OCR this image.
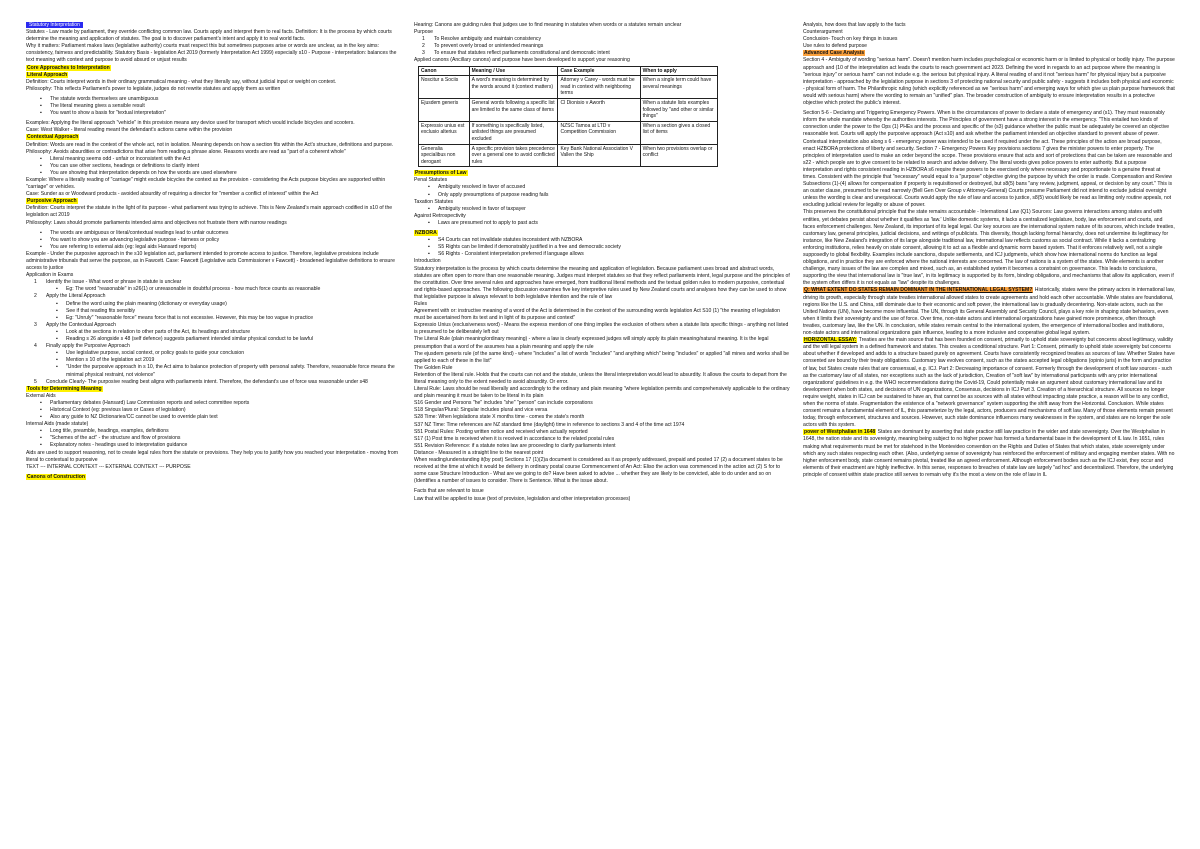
Statutory Interpretation

Statutes - Law made by parliament, they override conflicting common law. Courts apply and interpret them to real facts. Definition: It is the process by which courts determine the meaning and application of statutes. The goal is to discover parliament's intent and apply it to real world facts.

Why it matters: Parliament makes laws (legislative authority) courts must respect this but sometimes purposes arise or words are unclear, as in the key aims: consistency, fairness and predictability. Statutory Basis - legislation Act 2019 (formerly Interpretation Act 1999) especially s10 - Purpose - interpretation: balances the text meaning with context and purpose to avoid absurd or unjust results

Core Approaches to Interpretation

Literal Approach

Definition: Courts interpret words in their ordinary grammatical meaning - what they literally say, without judicial input or weight on context.

Philosophy: This reflects Parliament's power to legislate, judges do not rewrite statutes and apply them as written

▪ The statute words themselves are unambiguous

▪ The literal meaning gives a sensible result

▪ You want to show a basis for "textual interpretation"

Examples: Applying the literal approach "vehicle" in this provision means any device used for transport which would include bicycles and scooters.

Case: West Walker - literal reading meant the defendant's actions came within the provision

Contextual Approach

Definition: Words are read in the context of the whole act, not in isolation. Meaning depends on how a section fits within the Act's structure, definitions and purpose.

Philosophy: Avoids absurdities or contradictions that arise from reading a phrase alone. Reasons words are read as "part of a coherent whole"

▪ Literal meaning seems odd - unfair or inconsistent with the Act

▪ You can use other sections, headings or definitions to clarify intent

▪ You are showing that interpretation depends on how the words are used elsewhere

Example: Where a literally reading of "carriage" might exclude bicycles the context as the provision - considering the Acts purpose bicycles are supported within "carriage" or vehicles.

Case: Sunder as or Woodward products - avoided absurdity of requiring a director for "member a conflict of interest" within the Act

Purposive Approach

Definition: Courts interpret the statute in the light of its purpose - what parliament was trying to achieve. This is New Zealand's main approach codified in s10 of the legislation act 2019

Philosophy: Laws should promote parliaments intended aims and objectives not frustrate them with narrow readings

▪ The words are ambiguous or literal/contextual readings lead to unfair outcomes

▪ You want to show you are advancing legislative purpose - fairness or policy

▪ You are referring to external aids (eg: legal aids Hansard reports)

Example - Under the purposive approach in the s10 legislation act, parliament intended to promote access to justice. Therefore, legislative provisions include administrative tribunals that serve the purpose, as in Fawcett. Case: Fawcett (Legislative acts Commissioner v Fawcett) - broadened legislative definitions to ensure access to justice

Application in Exams

1 Identify the issue - What word or phrase in statute is unclear

▪ Eg: The word "reasonable" in s26(1) or unreasonable in doubtful process - how much force counts as reasonable

2 Apply the Literal Approach

▪ Define the word using the plain meaning (dictionary or everyday usage)

▪ See if that reading fits sensibly

▪ Eg: "Unruly" "reasonable force" means force that is not excessive. However, this may be too vague in practice

3 Apply the Contextual Approach

▪ Look at the sections in relation to other parts of the Act, its headings and structure

▪ Reading s 26 alongside s 48 (self defence) suggests parliament intended similar physical conduct to be lawful

4 Finally apply the Purposive Approach

▪ Use legislative purpose, social context, or policy goals to guide your conclusion

▪ Mention s 10 of the legislation act 2019

▪ "Under the purposive approach in s 10, the Act aims to balance protection of property with personal safety. Therefore, reasonable force means the minimal physical restraint, not violence"

5 Conclude Clearly- The purposive reading best aligns with parliaments intent. Therefore, the defendant's use of force was reasonable under s48

Tools for Determining Meaning

External Aids

▪ Parliamentary debates (Hansard) Law Commission reports and select committee reports

▪ Historical Context (eg: previous laws or Cases of legislation)

▪ Also any guide to NZ Dictionaries/CC cannot be used to override plain text

Internal Aids (made statute)

▪ Long title, preamble, headings, examples, definitions

▪ "Schemes of the act" - the structure and flow of provisions

▪ Explanatory notes - headings used to interpretation guidance

Aids are used to support reasoning, not to create legal rules from the statute or provisions. They help you to justify how you reached your interpretation - moving from literal to contextual to purposive

TEXT --- INTERNAL CONTEXT --- EXTERNAL CONTEXT --- PURPOSE

Canons of Construction

Hearing: Canons are guiding rules that judges use to find meaning in statutes when words or a statutes remain unclear

Purpose

1 To Resolve ambiguity and maintain consistency

2 To prevent overly broad or unintended meanings

3 To ensure that statutes reflect parliaments constitutional and democratic intent

Applied canons (Ancillary canons) and purpose have been developed to support your reasoning

Canon	Meaning / Use	Case Example	When to apply
Noscitur a Sociis	A word's meaning is determined by the words around it (context matters)	Attorney v Carey - words must be read in context with neighboring terms	When a single term could have several meanings
Ejusdem generis	General words following a specific list are limited to the same class of items	Cl Dionisio v Aworth	When a statute lists examples followed by "and other or similar things"
Expressio unius est exclusio alterius	If something is specifically listed, unlisted things are presumed excluded	NZSC Tamoa at LTD v Competition Commission	When a section gives a closed list of items
Generalia specialibus non derogant	A specific provision takes precedence over a general one to avoid conflicted rules	Key Bank National Association V Vallen the Ship	When two provisions overlap or conflict

Presumptions of Law

Penal Statutes

▪ Ambiguity resolved in favor of accused

▪ Only apply presumptions of purpose reading fails

Taxation Statutes

▪ Ambiguity resolved in favor of taxpayer

Against Retrospectivity

▪ Laws are presumed not to apply to past acts

NZBORA

▪ S4 Courts can not invalidate statutes inconsistent with NZBORA

▪ S5 Rights can be limited if demonstrably justified in a free and democratic society

▪ S6 Rights - Consistent interpretation preferred if language allows

Introduction

Statutory interpretation is the process by which courts determine the meaning and application of legislation. Because parliament uses broad and abstract words, statutes are often open to more than one reasonable meaning. Judges must interpret statutes so that they reflect parliaments intent, legal purpose and the principles of the constitution. Over time several rules and approaches have emerged, from traditional literal methods and the textual golden rules to modern purposive, contextual and rights-based approaches. The following discussion examines five key interpretive rules used by New Zealand courts and analyses how they can be used to show that legislative purpose is always relevant to both legislative intention and the rule of law

Rules

Agreement with or: instructive meaning of a word of the Act is determined in the context of the surrounding words legislation Act S10 (1) "the meaning of legislation must be ascertained from its text and in light of its purpose and context"

Expressio Unius (exclusiveness word) - Means the express mention of one thing implies the exclusion of others when a statute lists specific things - anything not listed is presumed to be deliberately left out

The Literal Rule (plain meaning/ordinary meaning) - where a law is clearly expressed judges will simply apply its plain meaning/natural meaning. It is the legal presumption that a word of the assumes has a plain meaning and apply the rule

The ejusdem generis rule (of the same kind) - where "includes" a list of words "includes" "and anything which" being "includes" or applied "all mines and works shall be applied to each of these in the list"

The Golden Rule

Retention of the literal rule. Holds that the courts can not and the statute, unless the literal interpretation would lead to absurdity. It allows the courts to depart from the literal meaning only to the extent needed to avoid absurdity. Or error.

Literal Rule: Laws should be read liberally and accordingly to the ordinary and plain meaning "where legislation permits and comprehensively applicable to the ordinary and plain meaning it must be taken to be literal in its plain

S16 Gender and Persons "he" includes "she" "person" can include corporations

S18 Singular/Plural: Singular includes plural and vice versa

S28 Time: When legislations state X months time - comes the state's month

S37 NZ Time: Time references are NZ standard time (daylight) time in reference to sections 3 and 4 of the time act 1974

S51 Postal Rules: Posting written notice and received when actually reported

S17 (1) Post time is received when it is received in accordance to the related postal rules

S51 Revision Reference: if a statute notes law are proceeding to clarify parliaments intent

Distance - Measured in a straight line to the nearest point

When reading/understanding it(by post) Sections 17 (1)(2)a document is considered as it as properly addressed, prepaid and posted 17 (2) a document states to be received at the time at which it would be delivery in ordinary postal course Commencement of An Act: Eliso the action was commenced in the action act (2) S for to some case Structure Introduction - What are we going to do? Have been asked to advise ... whether they are likely to be convicted, able to do under and so on (Identifies a number of issues to consider. There is Sentence. What is the issue about.

Facts that are relevant to issue

Law that will be applied to issue (text of provision, legislation and other interpretation processes)

Analysis, how does that law apply to the facts

Counterargument

Conclusion- Touch on key things in issues

Use rules to defend purpose

Advanced Case Analysis

Section 4 - Ambiguity of wording "serious harm". Doesn't mention harm includes psychological or economic harm or is limited to physical or bodily injury. The purpose approach and (10 of the interpretation act leads the courts to reach government act 2023. Defining the word in regards to an act purpose where the meaning is "serious injury" or serious harm" can not include e.g. the serious but physical injury. A literal reading of and it not "serious harm" for physical injury but a purposive interpretation - approached by the legislation purpose in sections 3 of protecting national security and public safety - suggests it includes both physical and economic - physical form of harm. The Philanthropic ruling (which explicitly referenced as we "serious harm" and emerging ways for which give us plain purpose framework that would with serious harm) where the wording to remain an "unified" plan. The broader construction of ambiguity to ensure interpretation results in a protective objective which protect the public's interest.

Section 5-6 - Declaring and Triggering Emergency Powers. When is the circumstances of power to declare a state of emergency and (s1). They must reasonably inform the whole mandate whereby the authorities interests. The Principles of government have a strong interest in the emergency. "This entailed two kinds of connection under the power to the Ops (1) PHEs and the process and specific of the (s3) guidance whether the public must be adequately be covered an objective reasonable test. Courts will apply the purposive approach (Act s10) and ask whether the parliament intended an objective standard to prevent abuse of power. Contextual interpretation also along s 6 - emergency power was intended to be used if required under the act. These principles of the action are broad purpose, enact HZBORA protections of liberty and security. Section 7 - Emergency Powers Key provisions sections 7 gives the minister powers to enter property. The principles of interpretation used to make an order beyond the scope. These provisions ensure that acts and sort of protections that can be taken are reasonable and s22 - which people are to give consent to be related to search and advise delivery. The literal words gives police powers to enter authority. But a purpose interpretation and rights consistent reading in HZBORA s6 require these powers to be exercised only where necessary and proportionate to a genuine threat at times. Consistent with the principle that "necessary" would equal to a "purpose" objective giving the purpose by which the order is made. Compensation and Review

Subsections (1)-(4) allows for compensation if property is requisitioned or destroyed, but s8(5) bans "any review, judgment, appeal, or decision by any court." This is an ouster clause, presumed to be read narrowly (Bell Gen Over Group v Attorney-General) Courts presume Parliament did not intend to exclude judicial oversight unless the wording is clear and unequivocal. Courts would apply the rule of law and access to justice, s8(5) would likely be read as limiting only routine appeals, not excluding judicial review for legality or abuse of power.

This preserves the constitutional principle that the state remains accountable - International Law (Q1) Sources: Law governs interactions among states and with entities, yet debates persist about whether it qualifies as 'law.' Unlike domestic systems, it lacks a centralized legislature, body, law enforcement and courts, and faces enforcement challenges. New Zealand, its important of its legal legal. Our key sources are the international system nature of its sources, which include treaties, customary law, general principles, judicial decisions, and writings of publicists. This diversity, though lacking formal hierarchy, does not undermine its legitimacy for instance, like New Zealand's integration of its large alongside traditional law, international law reflects customs as social contract. While it lacks a centralizing enforcing institutions, relies heavily on state consent, allowing it to act as a flexible and dynamic norm based system. That it enforces relatively well, not a single supposedly to global flexibility. Examples include sanctions, dispute settlements, and ICJ judgments, which show how international norms do function as legal obligations, and in practice they are enforced where the national interests are concerned. The law of nations is a system of the states. While elements is another challenge, many issues of the law are complex and mixed, such as, an established system it becomes a constraint on governance. This leads to conclusions, supporting the view that international law is "true law", in its legitimacy is supported by its form, binding obligations, and mechanisms that allow its application, even if the system often differs it is not equals as "law" despite its challenges.

Q: WHAT EXTENT DO STATES REMAIN DOMINANT IN THE INTERNATIONAL LEGAL SYSTEM? Historically, states were the primary actors in international law, driving its growth, especially through state treaties international allowed states to create agreements and hold each other accountable. While states are foundational, regions like the U.S. and China, still dominate due to their economic and soft power, the international law is gradually decentering. Non-state actors, such as the United Nations (UN), have become more influential. The UN, through its General Assembly and Security Council, plays a key role in shaping state behaviors, even when it limits their sovereignty and the use of force. Over time, non-state actors and international organizations have gained more prominence, often through treaties, customary law, like the UN. In conclusion, while states remain central to the international system, the emergence of international bodies and institutions, non-state actors and international organizations gain influence, leading to a more inclusive and cooperative global legal system.

HORIZONTAL ESSAY: Treaties are the main source that has been founded on consent, primarily to uphold state sovereignty but concerns about legitimacy, validity and the will legal system in a defined framework and states. This creates a conditional structure. Part 1: Consent, primarily to uphold state sovereignty but concerns about whether if developed and adds to a structure based purely on agreement. Courts have consistently recognized treaties as sources of law. Whether States have consented are bound by their treaty obligations. Customary law evolves consent, such as the states accepted legal obligations (opinio juris) in the form and practice of law, but States create rules that are consensual, e.g. ICJ. Part 2: Decreasing importance of consent. Formerly through the development of soft law sources - such as the customary law of all states, nor exceptions such as the lack of jurisdiction, Creation of "soft law" by international participants with any prior international organizations' guidelines in e.g. the WHO recommendations during the Covid-19, Could potentially make an argument about customary international law and its development when both states, and decisions of UN organizations, Consensus, decisions in ICJ Part 3. Creation of a hierarchical structure. All sources no longer require weight, states in ICJ can be sustained to have an, that cannot be as sources with all states without impacting state practice, a reason will be to any conflict, when the norms of state. Fragmentation the existence of a "network governance" system supporting the shift away from the Horizontal. Conclusion. While states consent remains a fundamental element of IL, this parameterize by the legal, actors, producers and mechanisms of soft law. Many of those elements remain present today, through enforcement, structures and sources. However, such state dominance influences many weaknesses in the system, and states are no longer the sole actors with this system.

power of Westphalian in 1648 States are dominant by asserting that state practice still law practice in the wider and state sovereignty. Over the Westphalian in 1648, the nation state and its sovereignty, meaning being subject to no higher power has formed a fundamental base in the development of IL law. In 1651, rules making what requirements must be met for statehood in the Montevideo convention on the Rights and Duties of States that which states, state sovereignty under which any such states respecting each other. (Also, underlying sense of sovereignty has reinforced the enforcement of military and engaging member states. With no higher enforcement body, state consent remains pivotal, treated like an agreed enforcement. Although enforcement bodies such as the ICJ exist, they occur and elements of their enactment are highly ineffective. In this sense, responses to breaches of state law are largely "ad hoc" and decentralized. Therefore, the underlying principle of consent within state practice still serves to remain why it's the most a view on the role of law in IL
